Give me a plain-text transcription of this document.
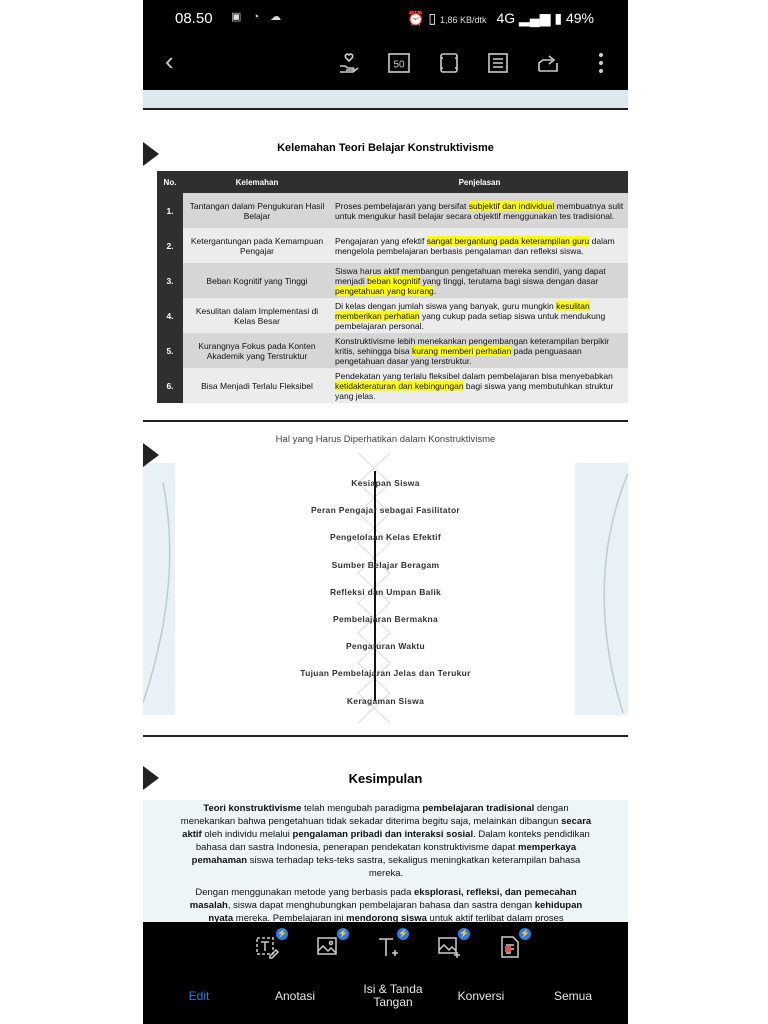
08.50 ▣ ◔ ☁	⏰ ▯ 1,86 KB/dtk 4G ▂▄▆ ▮ 49%
‹	50
Kelemahan Teori Belajar Konstruktivisme
No.	Kelemahan	Penjelasan
1.	Tantangan dalam Pengukuran Hasil Belajar	Proses pembelajaran yang bersifat subjektif dan individual membuatnya sulit untuk mengukur hasil belajar secara objektif menggunakan tes tradisional.
2.	Ketergantungan pada Kemampuan Pengajar	Pengajaran yang efektif sangat bergantung pada keterampilan guru dalam mengelola pembelajaran berbasis pengalaman dan refleksi siswa.
3.	Beban Kognitif yang Tinggi	Siswa harus aktif membangun pengetahuan mereka sendiri, yang dapat menjadi beban kognitif yang tinggi, terutama bagi siswa dengan dasar pengetahuan yang kurang.
4.	Kesulitan dalam Implementasi di Kelas Besar	Di kelas dengan jumlah siswa yang banyak, guru mungkin kesulitan memberikan perhatian yang cukup pada setiap siswa untuk mendukung pembelajaran personal.
5.	Kurangnya Fokus pada Konten Akademik yang Terstruktur	Konstruktivisme lebih menekankan pengembangan keterampilan berpikir kritis, sehingga bisa kurang memberi perhatian pada penguasaan pengetahuan dasar yang terstruktur.
6.	Bisa Menjadi Terlalu Fleksibel	Pendekatan yang terlalu fleksibel dalam pembelajaran bisa menyebabkan ketidakteraturan dan kebingungan bagi siswa yang membutuhkan struktur yang jelas.
Hal yang Harus Diperhatikan dalam Konstruktivisme
Kesiapan Siswa
Peran Pengajar sebagai Fasilitator
Pengelolaan Kelas Efektif
Sumber Belajar Beragam
Refleksi dan Umpan Balik
Pembelajaran Bermakna
Pengaturan Waktu
Tujuan Pembelajaran Jelas dan Terukur
Keragaman Siswa
Kesimpulan
Teori konstruktivisme telah mengubah paradigma pembelajaran tradisional dengan menekankan bahwa pengetahuan tidak sekadar diterima begitu saja, melainkan dibangun secara aktif oleh individu melalui pengalaman pribadi dan interaksi sosial. Dalam konteks pendidikan bahasa dan sastra Indonesia, penerapan pendekatan konstruktivisme dapat memperkaya pemahaman siswa terhadap teks-teks sastra, sekaligus meningkatkan keterampilan bahasa mereka.
Dengan menggunakan metode yang berbasis pada eksplorasi, refleksi, dan pemecahan masalah, siswa dapat menghubungkan pembelajaran bahasa dan sastra dengan kehidupan nyata mereka. Pembelajaran ini mendorong siswa untuk aktif terlibat dalam proses
⚡	⚡	⚡	⚡	⚡
Edit	Anotasi	Isi & Tanda Tangan	Konversi	Semua
